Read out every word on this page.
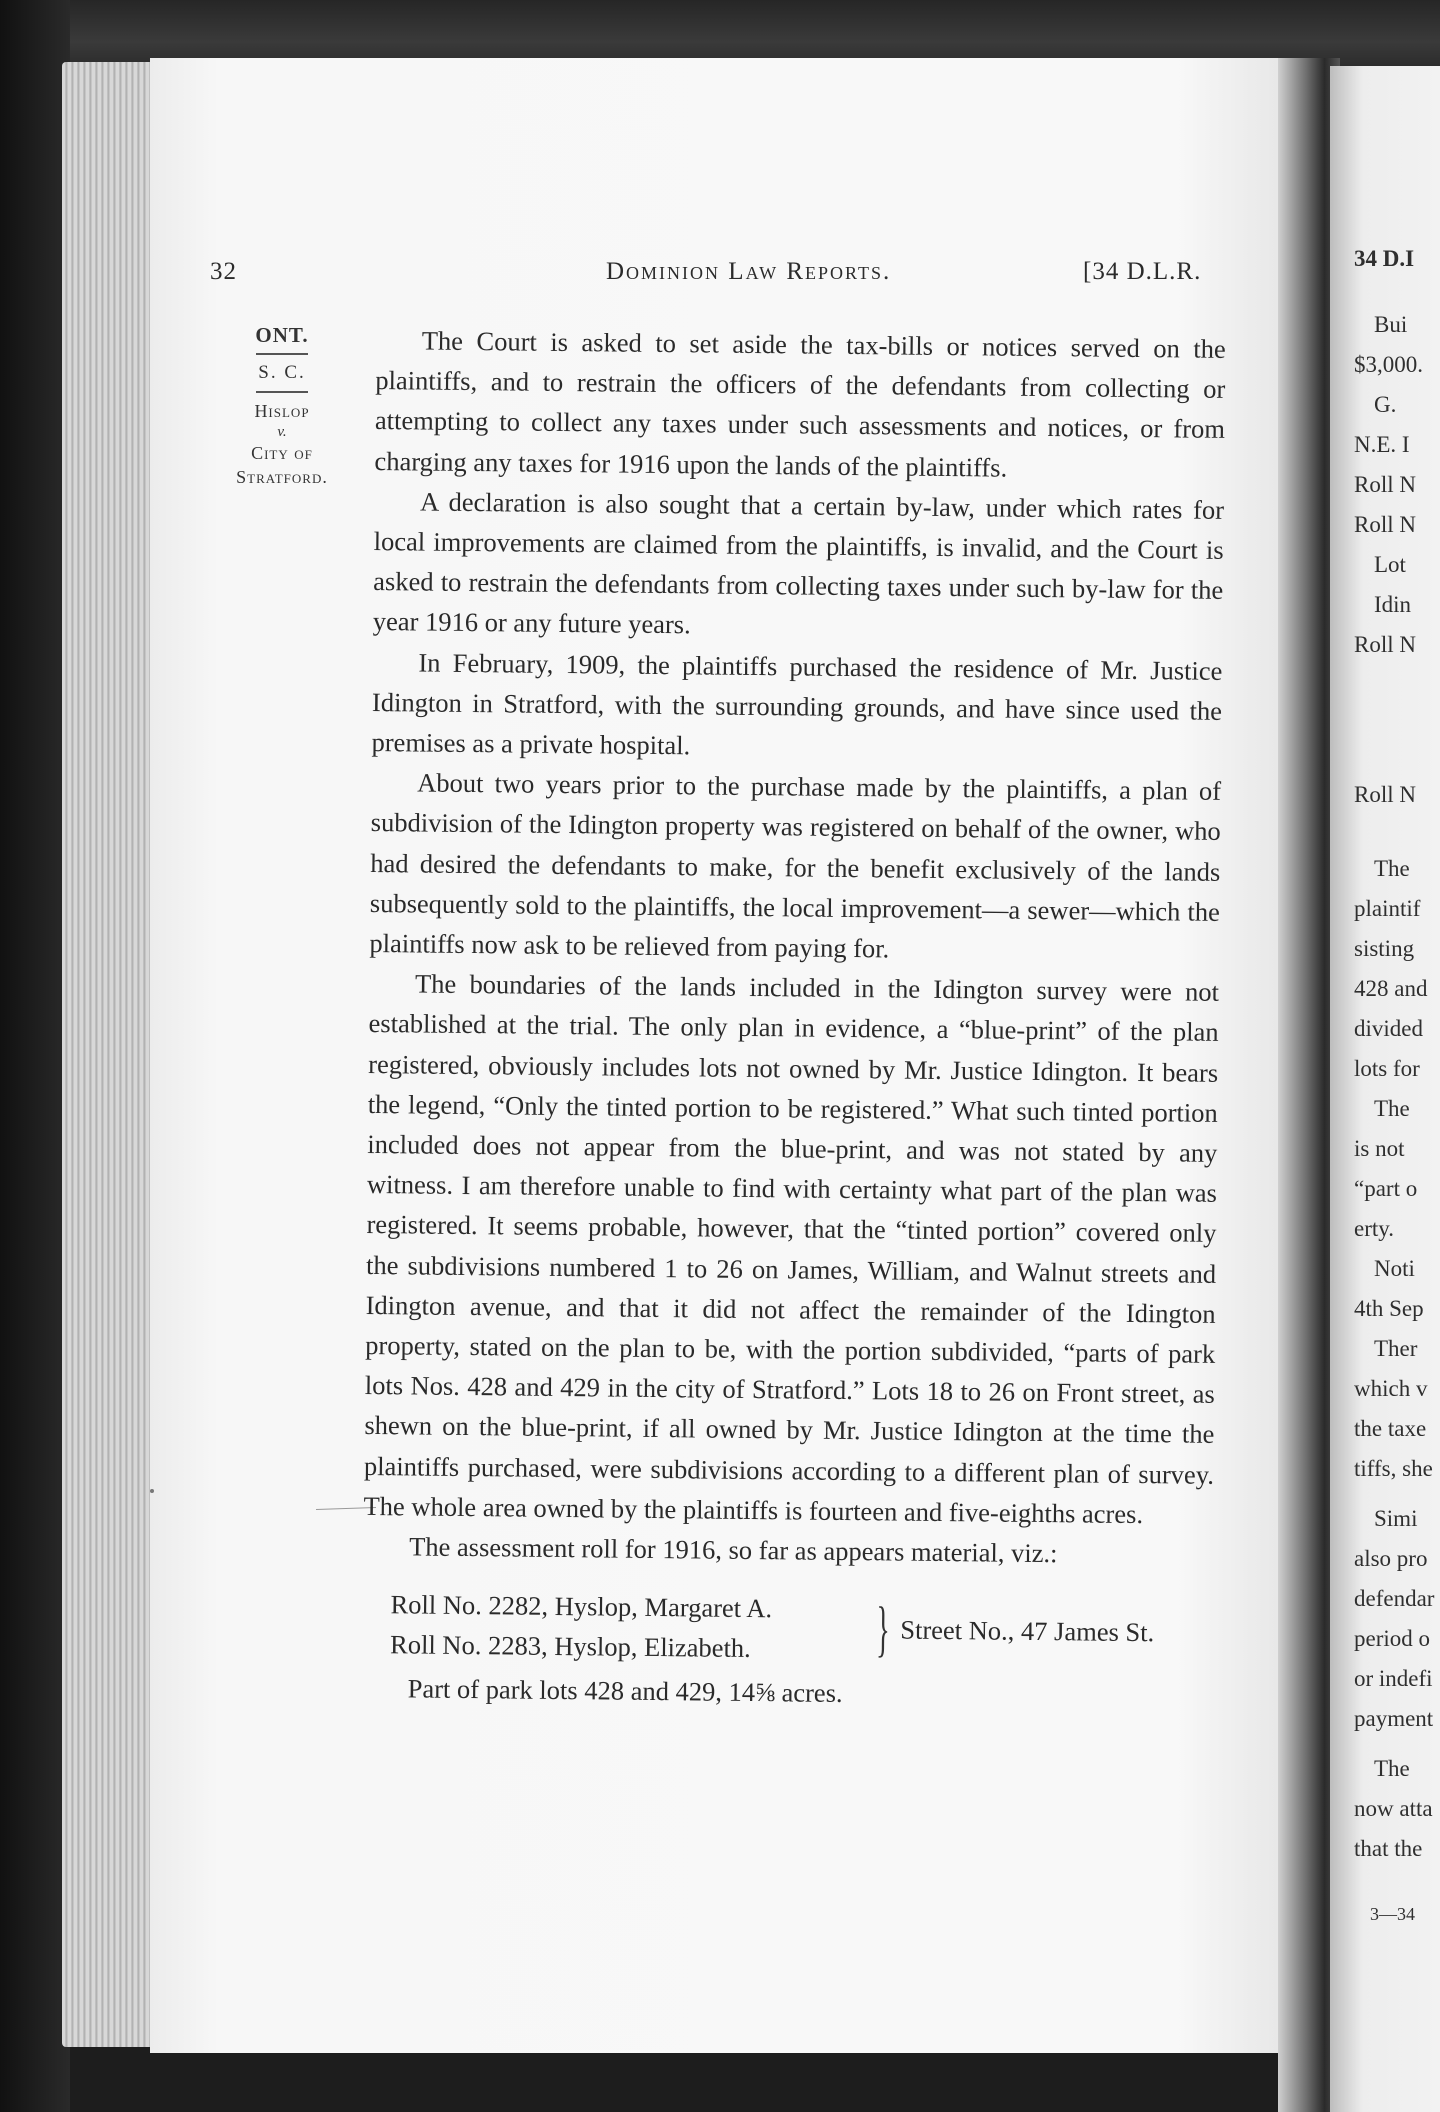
34 D.I
Bui
$3,000.
G.
N.E. I
Roll N
Roll N
Lot
Idin
Roll N
Roll N
The
plaintif
sisting
428 and
divided
lots for
The
is not
“part o
erty.
Noti
4th Sep
Ther
which v
the taxe
tiffs, she
Simi
also pro
defendar
period o
or indefi
payment
The
now atta
that the
3—34
32	Dominion Law Reports.	[34 D.L.R.
ONT.
S. C.
Hislop
v.
City of
Stratford.

The Court is asked to set aside the tax-bills or notices served on the plaintiffs, and to restrain the officers of the defendants from collecting or attempting to collect any taxes under such assessments and notices, or from charging any taxes for 1916 upon the lands of the plaintiffs.

A declaration is also sought that a certain by-law, under which rates for local improvements are claimed from the plaintiffs, is invalid, and the Court is asked to restrain the defendants from collecting taxes under such by-law for the year 1916 or any future years.

In February, 1909, the plaintiffs purchased the residence of Mr. Justice Idington in Stratford, with the surrounding grounds, and have since used the premises as a private hospital.

About two years prior to the purchase made by the plaintiffs, a plan of subdivision of the Idington property was registered on behalf of the owner, who had desired the defendants to make, for the benefit exclusively of the lands subsequently sold to the plaintiffs, the local improvement—a sewer—which the plaintiffs now ask to be relieved from paying for.

The boundaries of the lands included in the Idington survey were not established at the trial. The only plan in evidence, a “blue-print” of the plan registered, obviously includes lots not owned by Mr. Justice Idington. It bears the legend, “Only the tinted portion to be registered.” What such tinted portion included does not appear from the blue-print, and was not stated by any witness. I am therefore unable to find with certainty what part of the plan was registered. It seems probable, however, that the “tinted portion” covered only the subdivisions numbered 1 to 26 on James, William, and Walnut streets and Idington avenue, and that it did not affect the remainder of the Idington property, stated on the plan to be, with the portion subdivided, “parts of park lots Nos. 428 and 429 in the city of Stratford.” Lots 18 to 26 on Front street, as shewn on the blue-print, if all owned by Mr. Justice Idington at the time the plaintiffs purchased, were subdivisions according to a different plan of survey. The whole area owned by the plaintiffs is fourteen and five-eighths acres.

The assessment roll for 1916, so far as appears material, viz.:

Roll No. 2282, Hyslop, Margaret A.
Roll No. 2283, Hyslop, Elizabeth. } Street No., 47 James St.

Part of park lots 428 and 429, 14⅝ acres.
